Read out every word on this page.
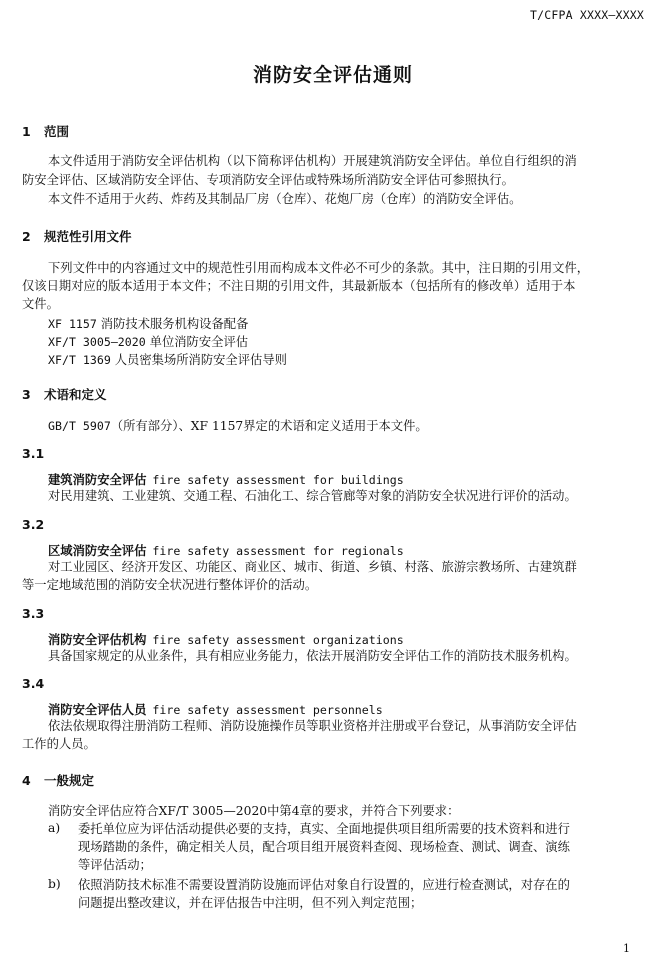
T/CFPA XXXX—XXXX
消防安全评估通则
1 范围
本文件适用于消防安全评估机构（以下简称评估机构）开展建筑消防安全评估。单位自行组织的消
防安全评估、区域消防安全评估、专项消防安全评估或特殊场所消防安全评估可参照执行。
本文件不适用于火药、炸药及其制品厂房（仓库）、花炮厂房（仓库）的消防安全评估。
2 规范性引用文件
下列文件中的内容通过文中的规范性引用而构成本文件必不可少的条款。其中，注日期的引用文件，
仅该日期对应的版本适用于本文件；不注日期的引用文件，其最新版本（包括所有的修改单）适用于本
文件。
XF 1157 消防技术服务机构设备配备
XF/T 3005—2020 单位消防安全评估
XF/T 1369 人员密集场所消防安全评估导则
3 术语和定义
GB/T 5907（所有部分）、XF 1157界定的术语和定义适用于本文件。
3.1
建筑消防安全评估 fire safety assessment for buildings
对民用建筑、工业建筑、交通工程、石油化工、综合管廊等对象的消防安全状况进行评价的活动。
3.2
区域消防安全评估 fire safety assessment for regionals
对工业园区、经济开发区、功能区、商业区、城市、街道、乡镇、村落、旅游宗教场所、古建筑群
等一定地域范围的消防安全状况进行整体评价的活动。
3.3
消防安全评估机构 fire safety assessment organizations
具备国家规定的从业条件，具有相应业务能力，依法开展消防安全评估工作的消防技术服务机构。
3.4
消防安全评估人员 fire safety assessment personnels
依法依规取得注册消防工程师、消防设施操作员等职业资格并注册或平台登记，从事消防安全评估
工作的人员。
4 一般规定
消防安全评估应符合XF/T 3005—2020中第4章的要求，并符合下列要求：
a) 委托单位应为评估活动提供必要的支持，真实、全面地提供项目组所需要的技术资料和进行
现场踏勘的条件，确定相关人员，配合项目组开展资料查阅、现场检查、测试、调查、演练
等评估活动；
b) 依照消防技术标准不需要设置消防设施而评估对象自行设置的，应进行检查测试，对存在的
问题提出整改建议，并在评估报告中注明，但不列入判定范围；
1
